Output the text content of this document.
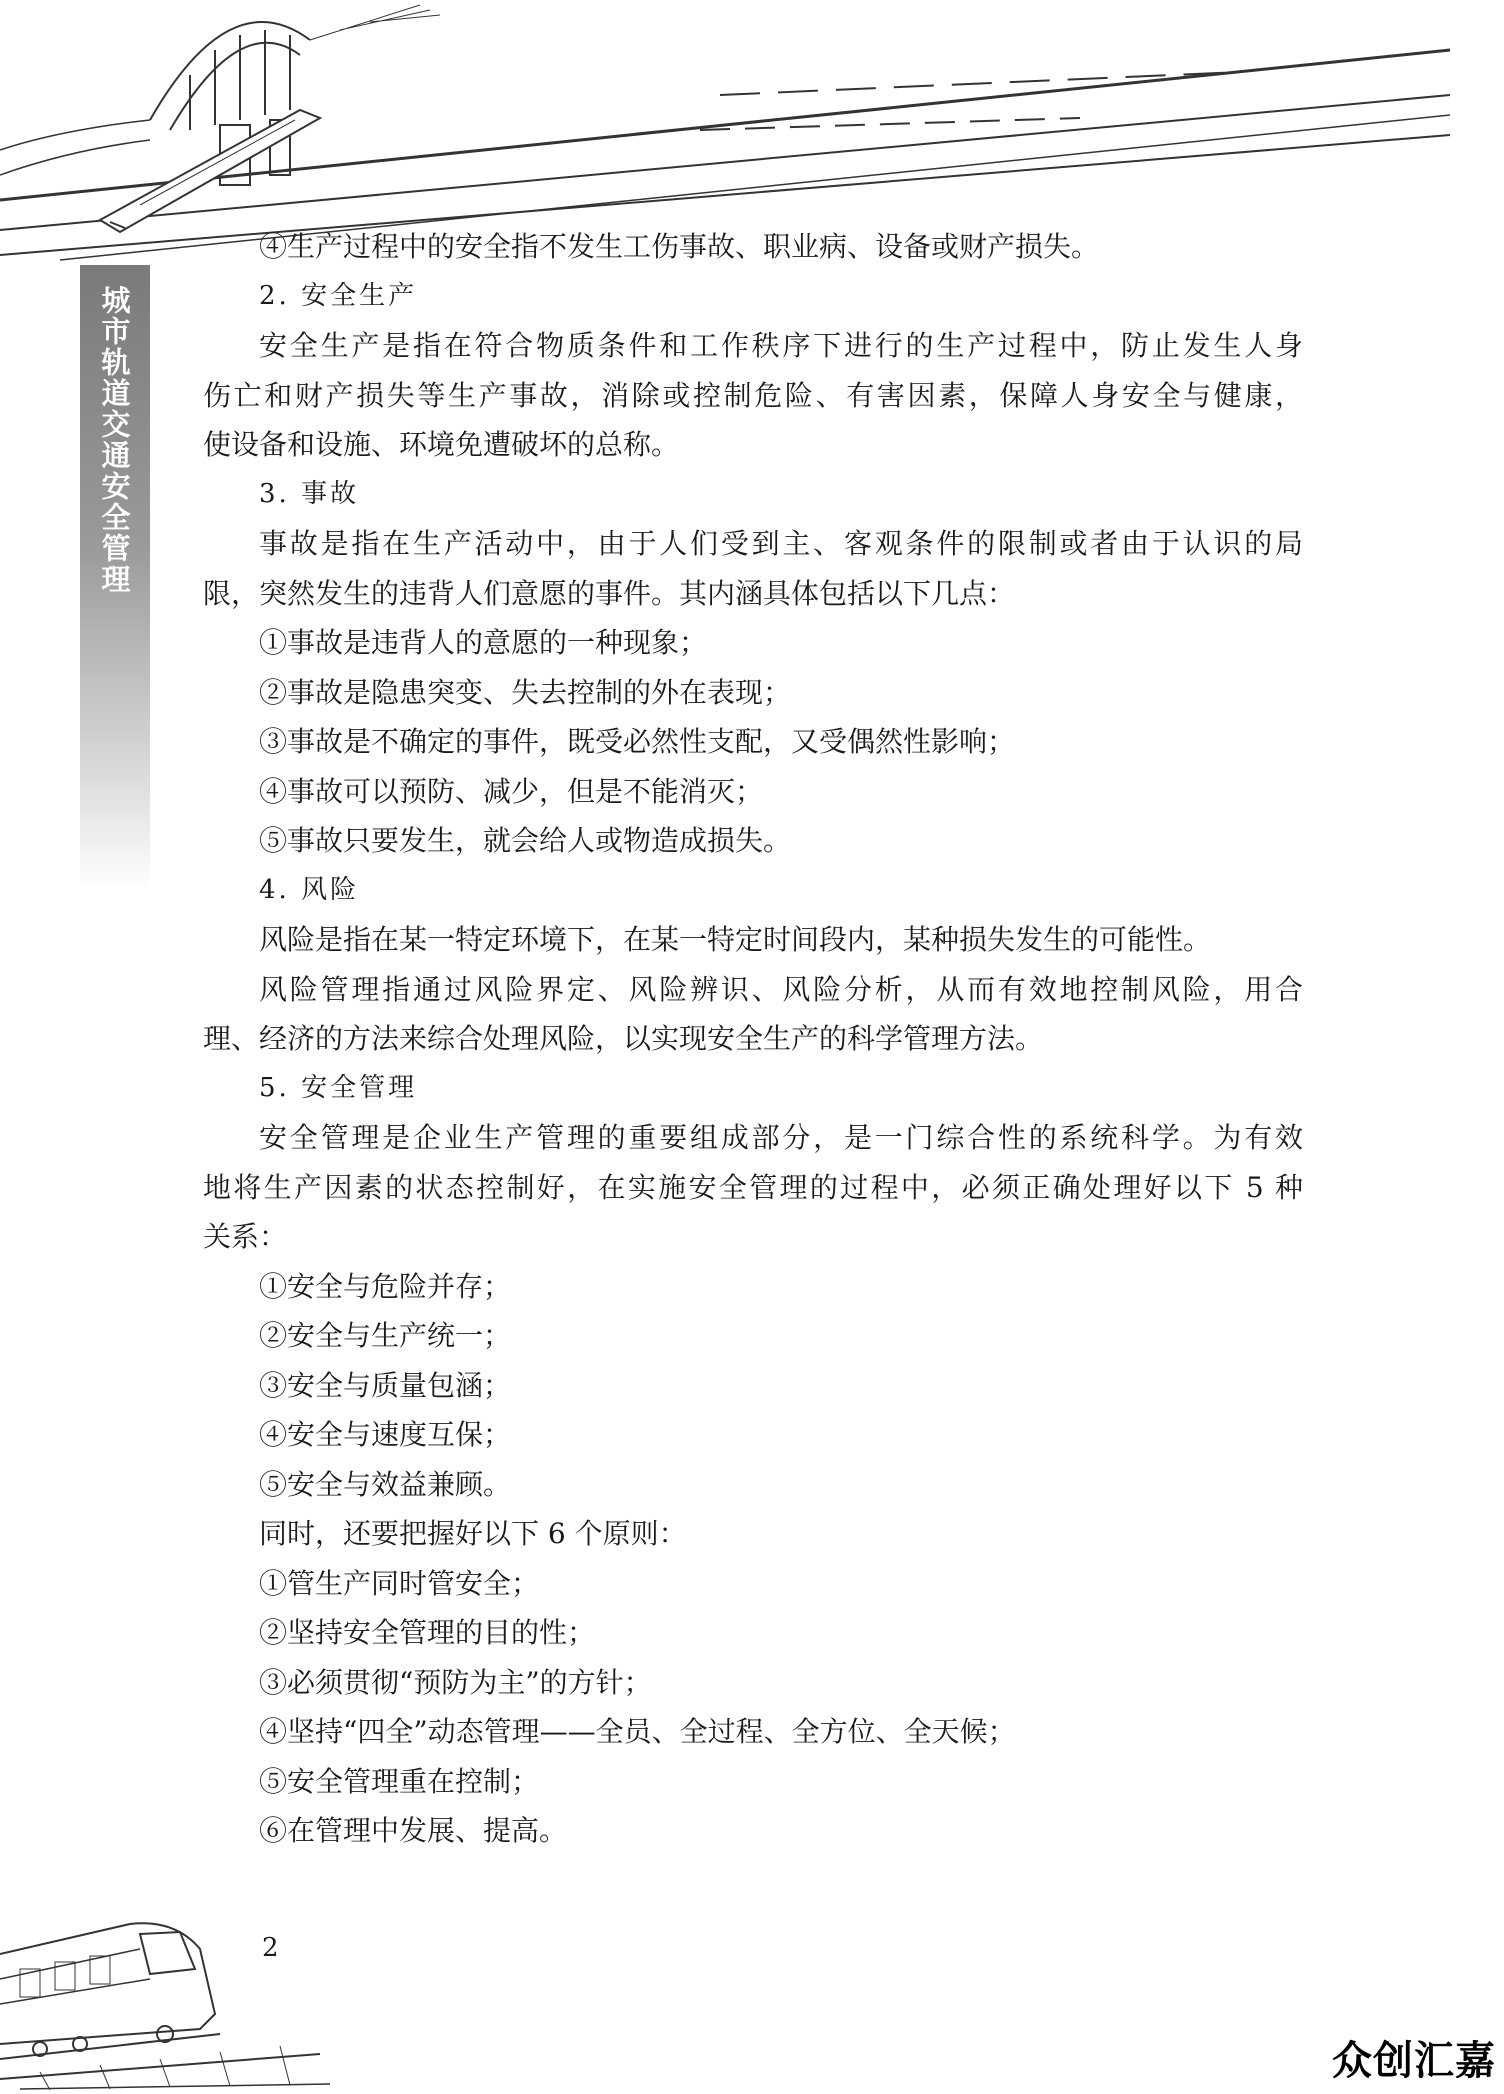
城市轨道交通安全管理
④生产过程中的安全指不发生工伤事故、职业病、设备或财产损失。
2. 安全生产
安全生产是指在符合物质条件和工作秩序下进行的生产过程中，防止发生人身
伤亡和财产损失等生产事故，消除或控制危险、有害因素，保障人身安全与健康，
使设备和设施、环境免遭破坏的总称。
3. 事故
事故是指在生产活动中，由于人们受到主、客观条件的限制或者由于认识的局
限，突然发生的违背人们意愿的事件。其内涵具体包括以下几点：
①事故是违背人的意愿的一种现象；
②事故是隐患突变、失去控制的外在表现；
③事故是不确定的事件，既受必然性支配，又受偶然性影响；
④事故可以预防、减少，但是不能消灭；
⑤事故只要发生，就会给人或物造成损失。
4. 风险
风险是指在某一特定环境下，在某一特定时间段内，某种损失发生的可能性。
风险管理指通过风险界定、风险辨识、风险分析，从而有效地控制风险，用合
理、经济的方法来综合处理风险，以实现安全生产的科学管理方法。
5. 安全管理
安全管理是企业生产管理的重要组成部分，是一门综合性的系统科学。为有效
地将生产因素的状态控制好，在实施安全管理的过程中，必须正确处理好以下 5 种
关系：
①安全与危险并存；
②安全与生产统一；
③安全与质量包涵；
④安全与速度互保；
⑤安全与效益兼顾。
同时，还要把握好以下 6 个原则：
①管生产同时管安全；
②坚持安全管理的目的性；
③必须贯彻“预防为主”的方针；
④坚持“四全”动态管理——全员、全过程、全方位、全天候；
⑤安全管理重在控制；
⑥在管理中发展、提高。
2
众创汇嘉
